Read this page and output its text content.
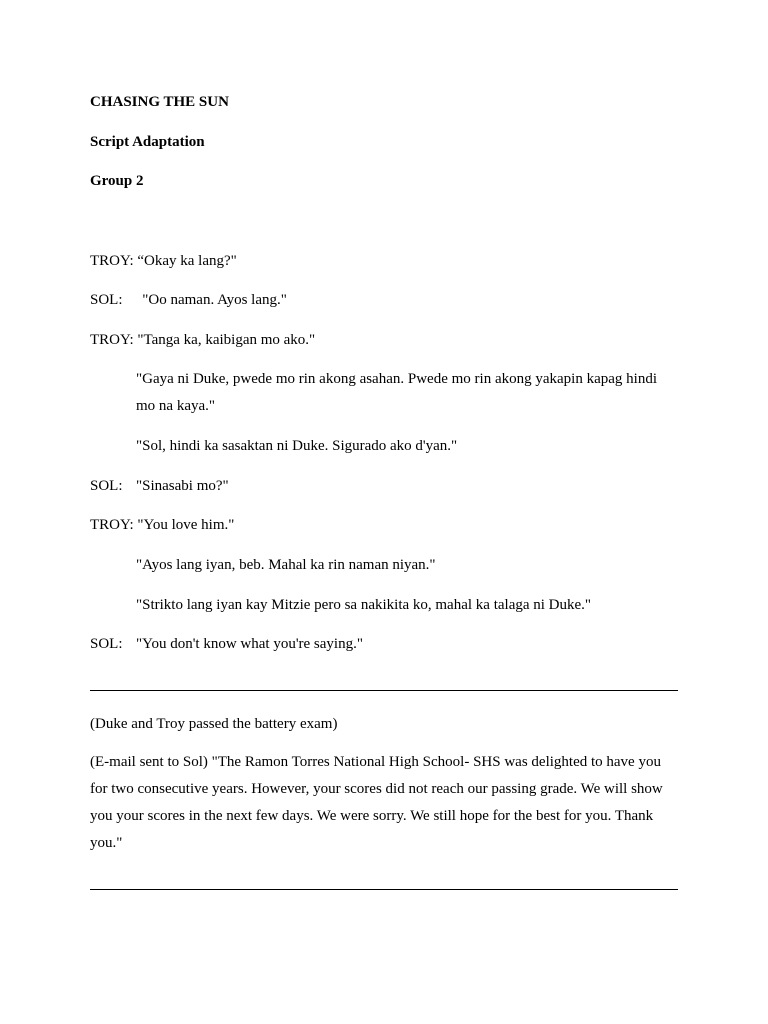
CHASING THE SUN
Script Adaptation
Group 2
TROY: “Okay ka lang?"
SOL: "Oo naman. Ayos lang."
TROY: "Tanga ka, kaibigan mo ako."
"Gaya ni Duke, pwede mo rin akong asahan. Pwede mo rin akong yakapin kapag hindi mo na kaya."
"Sol, hindi ka sasaktan ni Duke. Sigurado ako d'yan."
SOL: "Sinasabi mo?"
TROY: "You love him."
"Ayos lang iyan, beb. Mahal ka rin naman niyan."
"Strikto lang iyan kay Mitzie pero sa nakikita ko, mahal ka talaga ni Duke."
SOL: "You don't know what you're saying."
(Duke and Troy passed the battery exam)
(E-mail sent to Sol) "The Ramon Torres National High School- SHS was delighted to have you for two consecutive years. However, your scores did not reach our passing grade. We will show you your scores in the next few days. We were sorry. We still hope for the best for you. Thank you."
